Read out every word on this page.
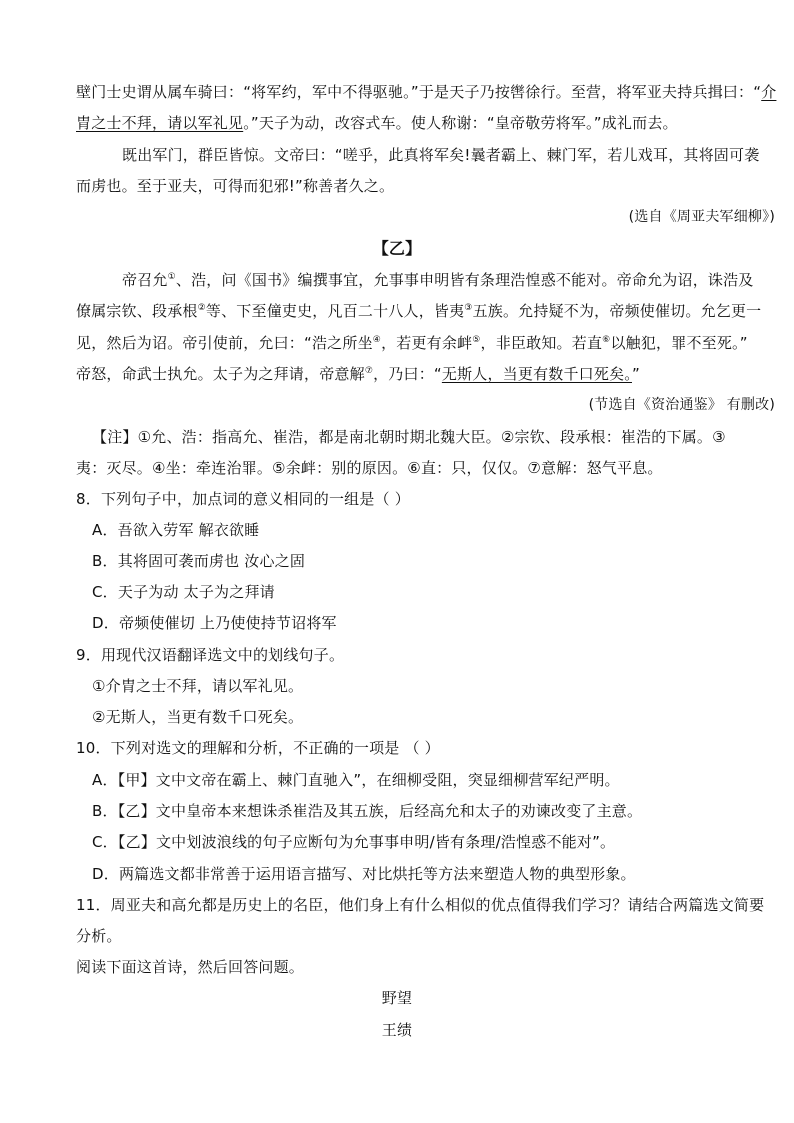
壁门士史谓从属车骑曰：“将军约，军中不得驱驰。”于是天子乃按辔徐行。至营，将军亚夫持兵揖曰：“介
胄之士不拜，请以军礼见。”天子为动，改容式车。使人称谢：“皇帝敬劳将军。”成礼而去。
既出军门，群臣皆惊。文帝曰：“嗟乎，此真将军矣!曩者霸上、棘门军，若儿戏耳，其将固可袭
而虏也。至于亚夫，可得而犯邪!”称善者久之。
(选自《周亚夫军细柳》)
【乙】
帝召允①、浩，问《国书》编撰事宜，允事事申明皆有条理浩惶惑不能对。帝命允为诏，诛浩及
僚属宗钦、段承根②等、下至僮吏史，凡百二十八人，皆夷③五族。允持疑不为，帝频使催切。允乞更一
见，然后为诏。帝引使前，允曰：“浩之所坐④，若更有余衅⑤，非臣敢知。若直⑥以触犯，罪不至死。”
帝怒，命武士执允。太子为之拜请，帝意解⑦，乃曰：“无斯人，当更有数千口死矣。”
(节选自《资治通鉴》 有删改)
【注】①允、浩：指高允、崔浩，都是南北朝时期北魏大臣。②宗钦、段承根：崔浩的下属。③
夷：灭尽。④坐：牵连治罪。⑤余衅：别的原因。⑥直：只，仅仅。⑦意解：怒气平息。
8．下列句子中，加点词的意义相同的一组是（ ）
A．吾欲入劳军 解衣欲睡
B．其将固可袭而虏也 汝心之固
C．天子为动 太子为之拜请
D．帝频使催切 上乃使使持节诏将军
9．用现代汉语翻译选文中的划线句子。
①介胄之士不拜，请以军礼见。
②无斯人，当更有数千口死矣。
10．下列对选文的理解和分析，不正确的一项是 （ ）
A．【甲】文中文帝在霸上、棘门直驰入”，在细柳受阻，突显细柳营军纪严明。
B．【乙】文中皇帝本来想诛杀崔浩及其五族，后经高允和太子的劝谏改变了主意。
C．【乙】文中划波浪线的句子应断句为允事事申明/皆有条理/浩惶惑不能对”。
D．两篇选文都非常善于运用语言描写、对比烘托等方法来塑造人物的典型形象。
11．周亚夫和高允都是历史上的名臣，他们身上有什么相似的优点值得我们学习？请结合两篇选文简要
分析。
阅读下面这首诗，然后回答问题。
野望
王绩
